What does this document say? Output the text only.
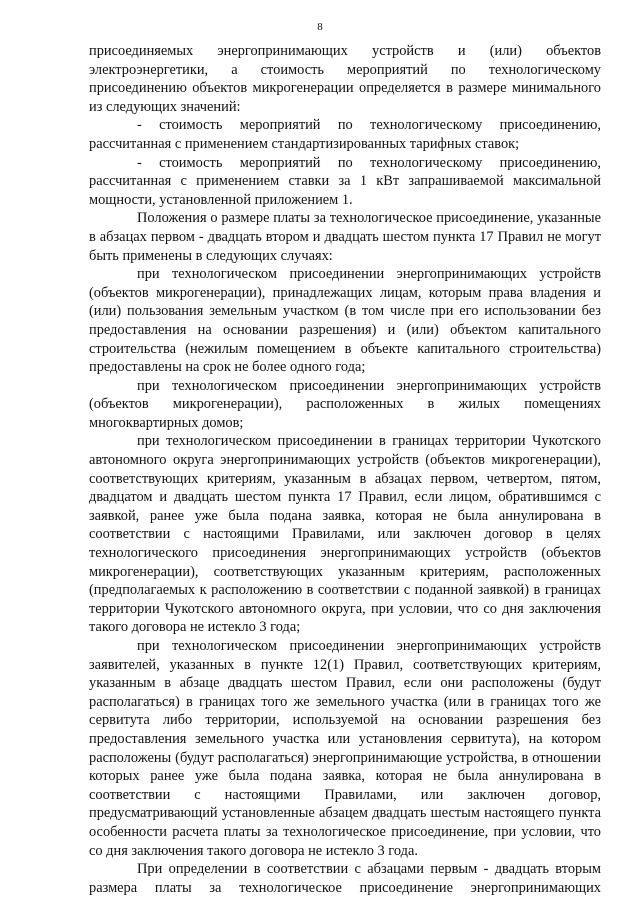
8

присоединяемых энергопринимающих устройств и (или) объектов электроэнергетики, а стоимость мероприятий по технологическому присоединению объектов микрогенерации определяется в размере минимального из следующих значений:

- стоимость мероприятий по технологическому присоединению, рассчитанная с применением стандартизированных тарифных ставок;

- стоимость мероприятий по технологическому присоединению, рассчитанная с применением ставки за 1 кВт запрашиваемой максимальной мощности, установленной приложением 1.

Положения о размере платы за технологическое присоединение, указанные в абзацах первом - двадцать втором и двадцать шестом пункта 17 Правил не могут быть применены в следующих случаях:

при технологическом присоединении энергопринимающих устройств (объектов микрогенерации), принадлежащих лицам, которым права владения и (или) пользования земельным участком (в том числе при его использовании без предоставления на основании разрешения) и (или) объектом капитального строительства (нежилым помещением в объекте капитального строительства) предоставлены на срок не более одного года;

при технологическом присоединении энергопринимающих устройств (объектов микрогенерации), расположенных в жилых помещениях многоквартирных домов;

при технологическом присоединении в границах территории Чукотского автономного округа энергопринимающих устройств (объектов микрогенерации), соответствующих критериям, указанным в абзацах первом, четвертом, пятом, двадцатом и двадцать шестом пункта 17 Правил, если лицом, обратившимся с заявкой, ранее уже была подана заявка, которая не была аннулирована в соответствии с настоящими Правилами, или заключен договор в целях технологического присоединения энергопринимающих устройств (объектов микрогенерации), соответствующих указанным критериям, расположенных (предполагаемых к расположению в соответствии с поданной заявкой) в границах территории Чукотского автономного округа, при условии, что со дня заключения такого договора не истекло 3 года;

при технологическом присоединении энергопринимающих устройств заявителей, указанных в пункте 12(1) Правил, соответствующих критериям, указанным в абзаце двадцать шестом Правил, если они расположены (будут располагаться) в границах того же земельного участка (или в границах того же сервитута либо территории, используемой на основании разрешения без предоставления земельного участка или установления сервитута), на котором расположены (будут располагаться) энергопринимающие устройства, в отношении которых ранее уже была подана заявка, которая не была аннулирована в соответствии с настоящими Правилами, или заключен договор, предусматривающий установленные абзацем двадцать шестым настоящего пункта особенности расчета платы за технологическое присоединение, при условии, что со дня заключения такого договора не истекло 3 года.

При определении в соответствии с абзацами первым - двадцать вторым размера платы за технологическое присоединение энергопринимающих
